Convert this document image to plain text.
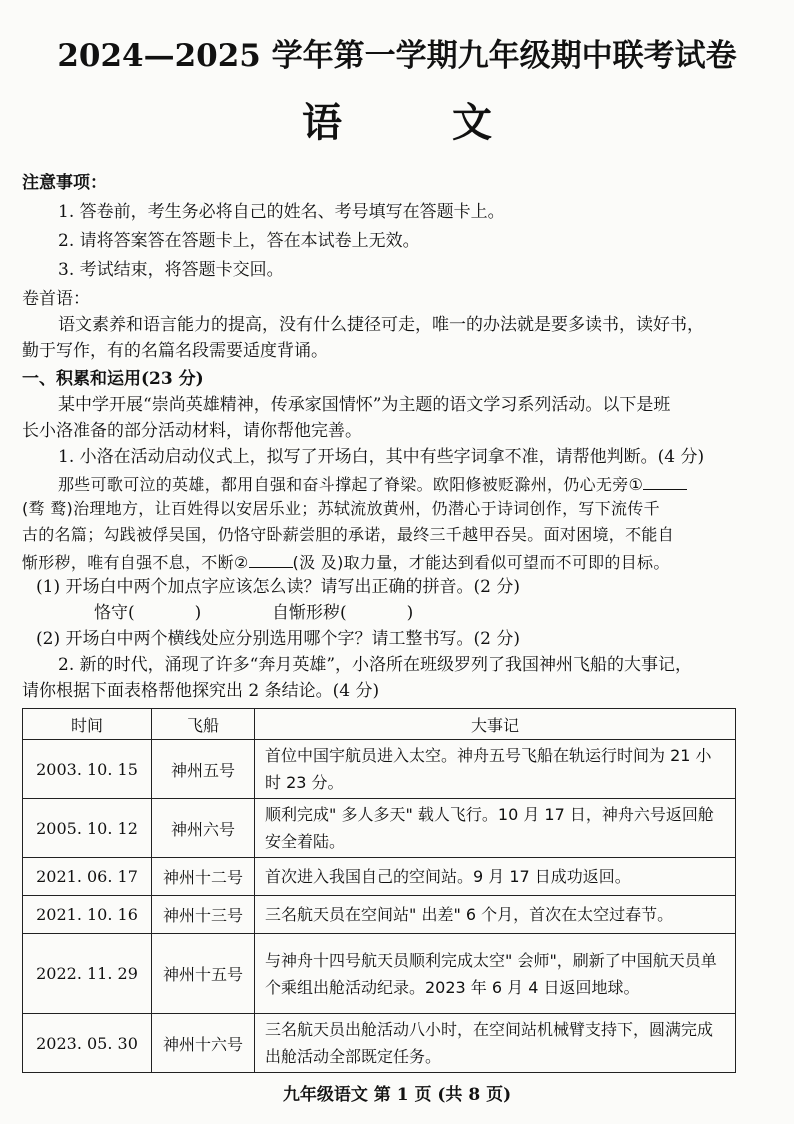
2024—2025 学年第一学期九年级期中联考试卷
语	文
注意事项：
1. 答卷前，考生务必将自己的姓名、考号填写在答题卡上。
2. 请将答案答在答题卡上，答在本试卷上无效。
3. 考试结束，将答题卡交回。
卷首语：
语文素养和语言能力的提高，没有什么捷径可走，唯一的办法就是要多读书，读好书，
勤于写作，有的名篇名段需要适度背诵。
一、积累和运用(23 分)
某中学开展“崇尚英雄精神，传承家国情怀”为主题的语文学习系列活动。以下是班
长小洛准备的部分活动材料，请你帮他完善。
1. 小洛在活动启动仪式上，拟写了开场白，其中有些字词拿不准，请帮他判断。(4 分)
那些可歌可泣的英雄，都用自强和奋斗撑起了脊梁。欧阳修被贬滁州，仍心无旁①
(骛 鹜)治理地方，让百姓得以安居乐业；苏轼流放黄州，仍潜心于诗词创作，写下流传千
古的名篇；勾践被俘吴国，仍恪守卧薪尝胆的承诺，最终三千越甲吞吴。面对困境，不能自
惭形秽，唯有自强不息，不断②	(汲 及)取力量，才能达到看似可望而不可即的目标。
(1) 开场白中两个加点字应该怎么读？请写出正确的拼音。(2 分)
恪守(	)	自惭形秽(	)
(2) 开场白中两个横线处应分别选用哪个字？请工整书写。(2 分)
2. 新的时代，涌现了许多“奔月英雄”，小洛所在班级罗列了我国神州飞船的大事记，
请你根据下面表格帮他探究出 2 条结论。(4 分)
时间	飞船	大事记
2003. 10. 15	神州五号	首位中国宇航员进入太空。神舟五号飞船在轨运行时间为 21 小时 23 分。
2005. 10. 12	神州六号	顺利完成" 多人多天" 载人飞行。10 月 17 日，神舟六号返回舱安全着陆。
2021. 06. 17	神州十二号	首次进入我国自己的空间站。9 月 17 日成功返回。
2021. 10. 16	神州十三号	三名航天员在空间站" 出差" 6 个月，首次在太空过春节。
2022. 11. 29	神州十五号	与神舟十四号航天员顺利完成太空" 会师"，刷新了中国航天员单个乘组出舱活动纪录。2023 年 6 月 4 日返回地球。
2023. 05. 30	神州十六号	三名航天员出舱活动八小时，在空间站机械臂支持下，圆满完成出舱活动全部既定任务。
九年级语文 第 1 页 (共 8 页)
